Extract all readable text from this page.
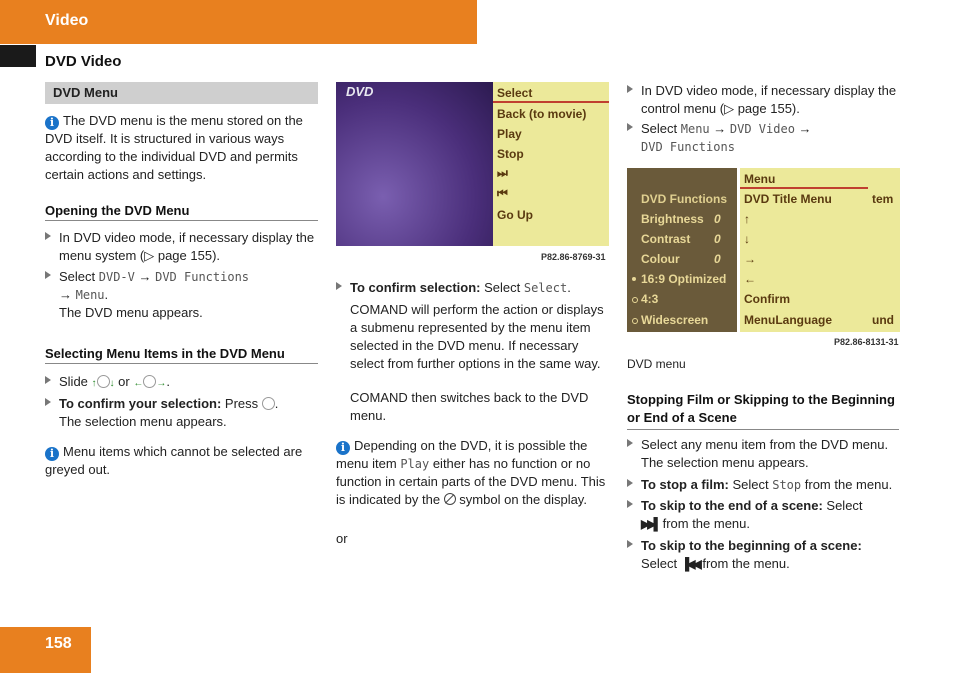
Video
DVD Video
DVD Menu
i The DVD menu is the menu stored on the DVD itself. It is structured in various ways according to the individual DVD and permits certain actions and settings.
Opening the DVD Menu
In DVD video mode, if necessary display the menu system (▷ page 155).
Select DVD-V → DVD Functions
→ Menu.
The DVD menu appears.
Selecting Menu Items in the DVD Menu
Slide ↑ ↓ or ← →.
To confirm your selection: Press .
The selection menu appears.
i Menu items which cannot be selected are greyed out.
DVD	Select
Back (to movie)
Play
Stop
⏭
⏮
Go Up
P82.86-8769-31
To confirm selection: Select Select.
COMAND will perform the action or displays a submenu represented by the menu item selected in the DVD menu. If necessary select from further options in the same way.
COMAND then switches back to the DVD menu.
i Depending on the DVD, it is possible the menu item Play either has no function or no function in certain parts of the DVD menu. This is indicated by the
symbol on the display.
or
In DVD video mode, if necessary display the control menu (▷ page 155).
Select Menu → DVD Video →
DVD Functions
DVD Functions
Brightness 0
Contrast 0
Colour	0
16:9 Optimized
4:3
Widescreen
Menu
DVD Title Menu
↑
↓
→
←
Confirm
MenuLanguage
tem
und
P82.86-8131-31
DVD menu
Stopping Film or Skipping to the Beginning or End of a Scene
Select any menu item from the DVD menu.
The selection menu appears.
To stop a film: Select Stop from the menu.
To skip to the end of a scene: Select
▶▶▌ from the menu.
To skip to the beginning of a scene:
Select ▐◀◀ from the menu.
158
